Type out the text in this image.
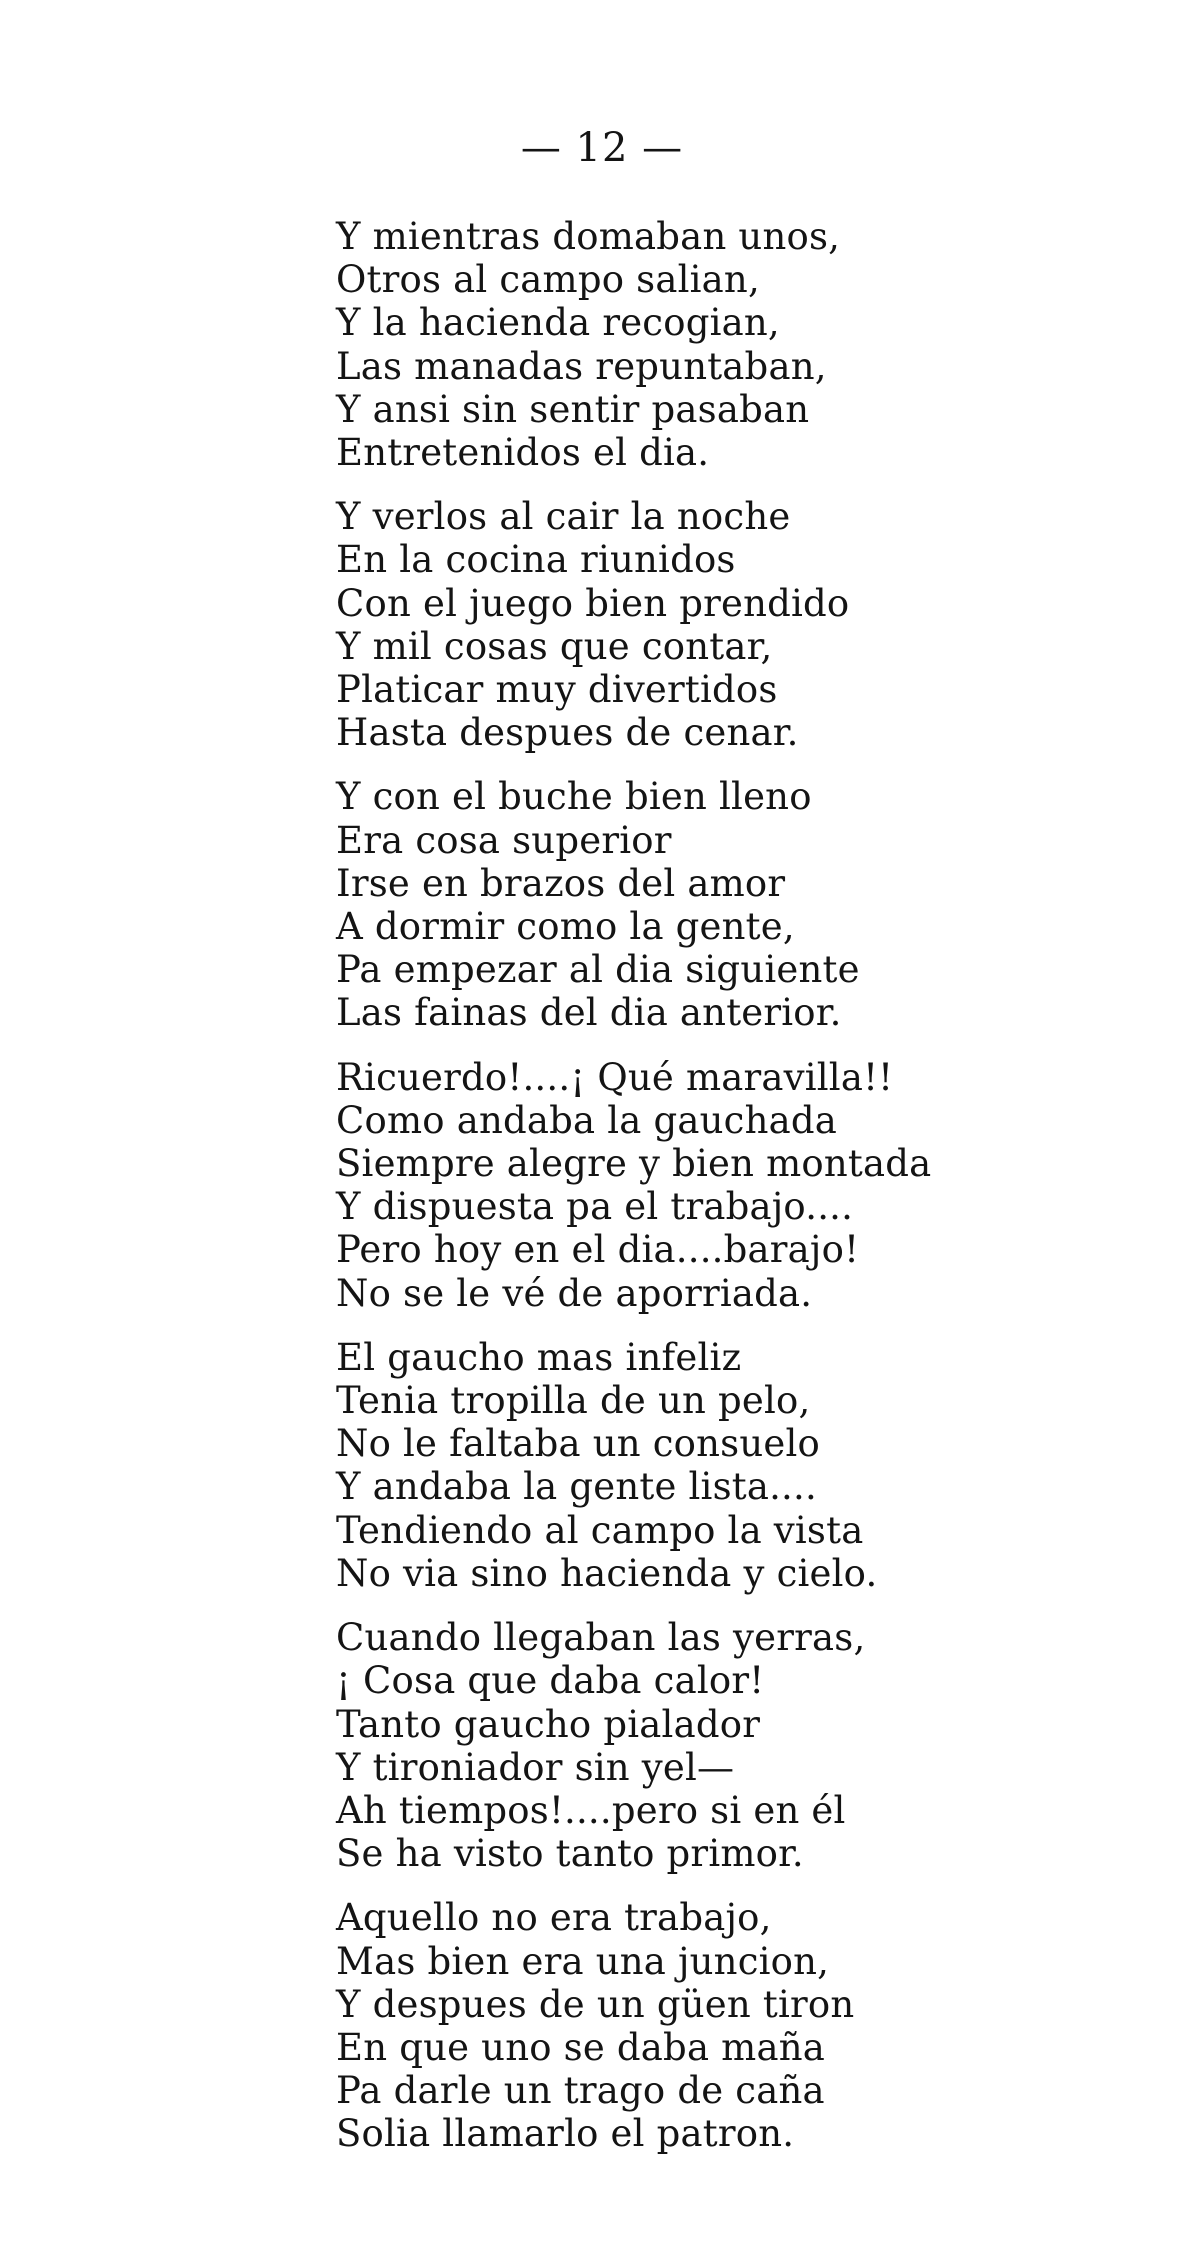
— 12 —
Y mientras domaban unos,
Otros al campo salian,
Y la hacienda recogian,
Las manadas repuntaban,
Y ansi sin sentir pasaban
Entretenidos el dia.
Y verlos al cair la noche
En la cocina riunidos
Con el juego bien prendido
Y mil cosas que contar,
Platicar muy divertidos
Hasta despues de cenar.
Y con el buche bien lleno
Era cosa superior
Irse en brazos del amor
A dormir como la gente,
Pa empezar al dia siguiente
Las fainas del dia anterior.
Ricuerdo!....¡ Qué maravilla!!
Como andaba la gauchada
Siempre alegre y bien montada
Y dispuesta pa el trabajo....
Pero hoy en el dia....barajo!
No se le vé de aporriada.
El gaucho mas infeliz
Tenia tropilla de un pelo,
No le faltaba un consuelo
Y andaba la gente lista....
Tendiendo al campo la vista
No via sino hacienda y cielo.
Cuando llegaban las yerras,
¡ Cosa que daba calor!
Tanto gaucho pialador
Y tironiador sin yel—
Ah tiempos!....pero si en él
Se ha visto tanto primor.
Aquello no era trabajo,
Mas bien era una juncion,
Y despues de un güen tiron
En que uno se daba maña
Pa darle un trago de caña
Solia llamarlo el patron.
